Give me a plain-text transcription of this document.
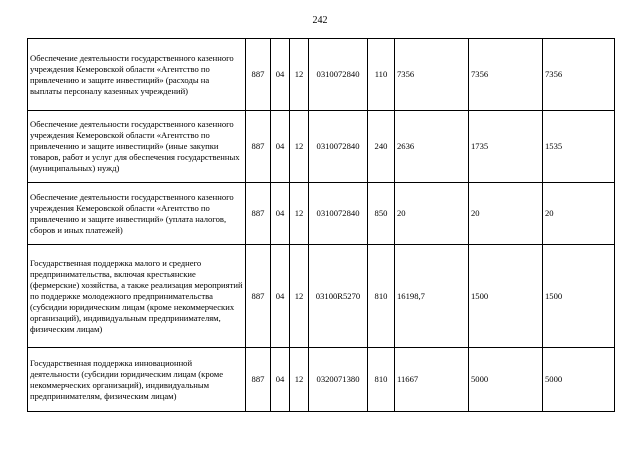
242
Обеспечение деятельности государственного казенного учреждения Кемеровской области «Агентство по привлечению и защите инвестиций» (расходы на выплаты персоналу казенных учреждений)	887	04	12	0310072840	110	7356	7356	7356
Обеспечение деятельности государственного казенного учреждения Кемеровской области «Агентство по привлечению и защите инвестиций» (иные закупки товаров, работ и услуг для обеспечения государственных (муниципальных) нужд)	887	04	12	0310072840	240	2636	1735	1535
Обеспечение деятельности государственного казенного учреждения Кемеровской области «Агентство по привлечению и защите инвестиций» (уплата налогов, сборов и иных платежей)	887	04	12	0310072840	850	20	20	20
Государственная поддержка малого и среднего предпринимательства, включая крестьянские (фермерские) хозяйства, а также реализация мероприятий по поддержке молодежного предпринимательства (субсидии юридическим лицам (кроме некоммерческих организаций), индивидуальным предпринимателям, физическим лицам)	887	04	12	03100R5270	810	16198,7	1500	1500
Государственная поддержка инновационной деятельности (субсидии юридическим лицам (кроме некоммерческих организаций), индивидуальным предпринимателям, физическим лицам)	887	04	12	0320071380	810	11667	5000	5000
